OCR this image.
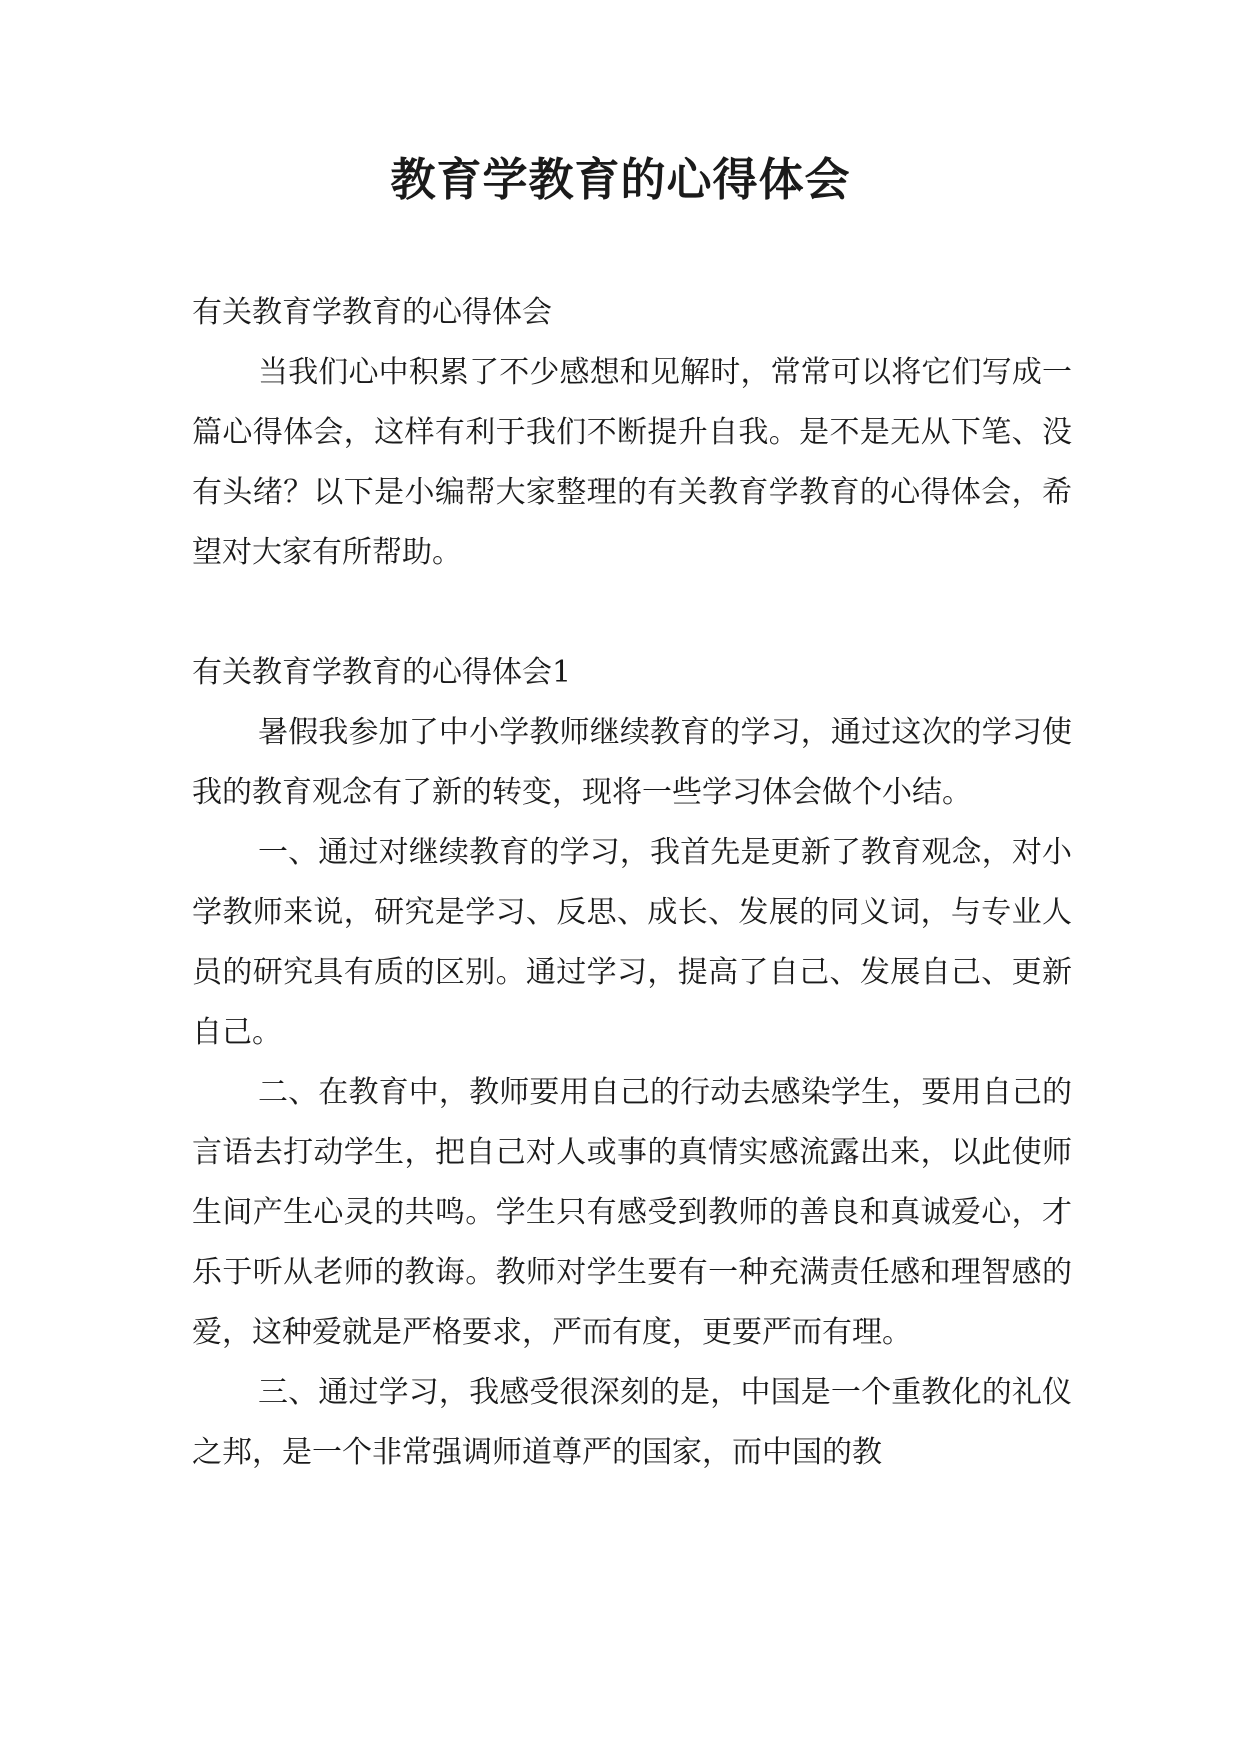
教育学教育的心得体会

有关教育学教育的心得体会

当我们心中积累了不少感想和见解时，常常可以将它们写成一篇心得体会，这样有利于我们不断提升自我。是不是无从下笔、没有头绪？以下是小编帮大家整理的有关教育学教育的心得体会，希望对大家有所帮助。

有关教育学教育的心得体会1

暑假我参加了中小学教师继续教育的学习，通过这次的学习使我的教育观念有了新的转变，现将一些学习体会做个小结。

一、通过对继续教育的学习，我首先是更新了教育观念，对小学教师来说，研究是学习、反思、成长、发展的同义词，与专业人员的研究具有质的区别。通过学习，提高了自己、发展自己、更新自己。

二、在教育中，教师要用自己的行动去感染学生，要用自己的言语去打动学生，把自己对人或事的真情实感流露出来，以此使师生间产生心灵的共鸣。学生只有感受到教师的善良和真诚爱心，才乐于听从老师的教诲。教师对学生要有一种充满责任感和理智感的爱，这种爱就是严格要求，严而有度，更要严而有理。

三、通过学习，我感受很深刻的是，中国是一个重教化的礼仪之邦，是一个非常强调师道尊严的国家，而中国的教
